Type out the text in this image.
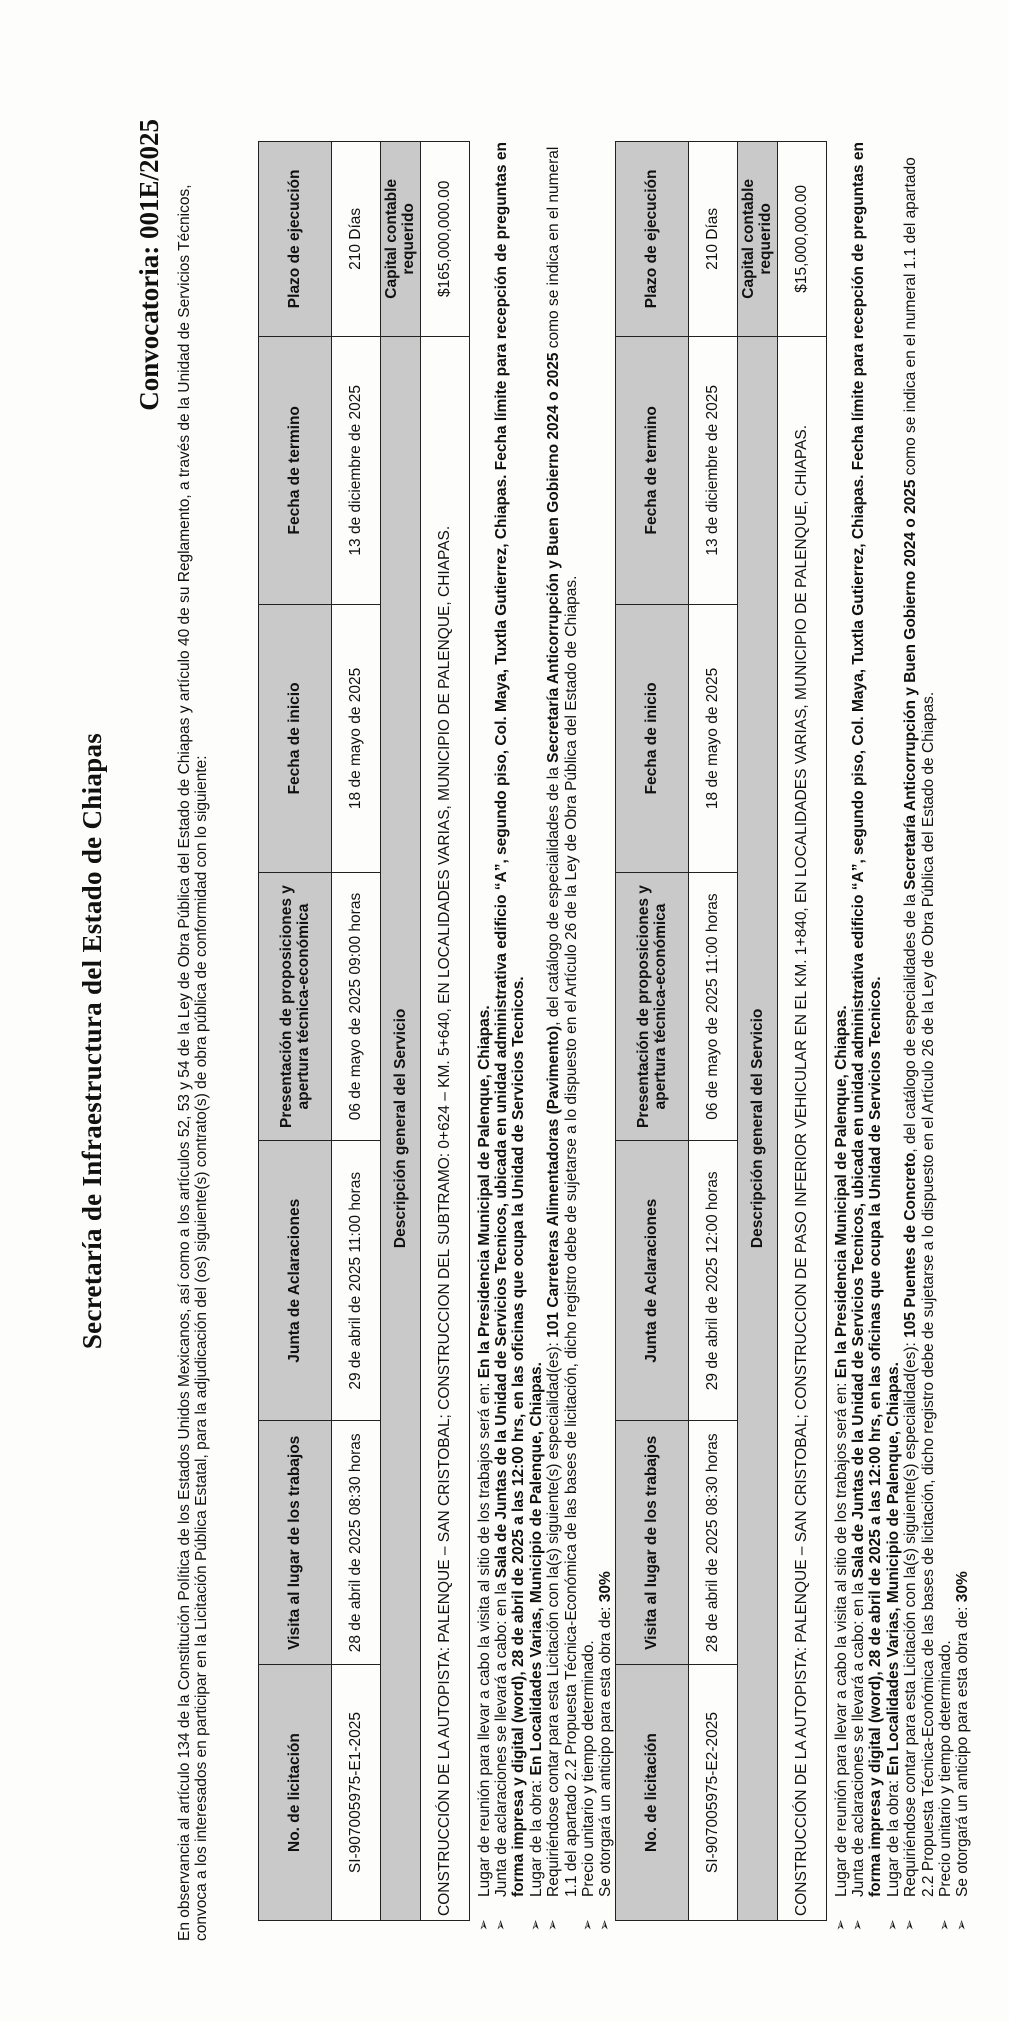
Secretaría de Infraestructura del Estado de Chiapas
Convocatoria: 001E/2025 En observancia al artículo 134 de la Constitución Política de los Estados Unidos Mexicanos, así como a los artículos 52, 53 y 54 de la Ley de Obra Pública del Estado de Chiapas y artículo 40 de su Reglamento, a través de la Unidad de Servicios Técnicos, convoca a los interesados en participar en la Licitación Pública Estatal, para la adjudicación del (os) siguiente(s) contrato(s) de obra pública de conformidad con lo siguiente:	No. de licitación	Visita al lugar de los trabajos	Junta de Aclaraciones	Presentación de proposiciones y apertura técnica-económica	Fecha de inicio	Fecha de termino	Plazo de ejecución
SI-907005975-E1-2025	28 de abril de 2025 08:30 horas	29 de abril de 2025 11:00 horas	06 de mayo de 2025 09:00 horas	18 de mayo de 2025	13 de diciembre de 2025	210 Días
Descripción general del Servicio						Capital contable requerido
CONSTRUCCIÓN DE LA AUTOPISTA: PALENQUE – SAN CRISTOBAL; CONSTRUCCION DEL SUBTRAMO: 0+624 – KM. 5+640, EN LOCALIDADES VARIAS, MUNICIPIO DE PALENQUE, CHIAPAS.						$165,000,000.00
➢
Lugar de reunión para llevar a cabo la visita al sitio de los trabajos será en: En la Presidencia Municipal de Palenque, Chiapas.
➢
Junta de aclaraciones se llevará a cabo: en la Sala de Juntas de la Unidad de Servicios Tecnicos, ubicada en unidad administrativa edificio “A”, segundo piso, Col. Maya, Tuxtla Gutierrez, Chiapas. Fecha límite para recepción de preguntas en forma impresa y digital (word), 28 de abril de 2025 a las 12:00 hrs, en las oficinas que ocupa la Unidad de Servicios Tecnicos.
➢
Lugar de la obra: En Localidades Varias, Municipio de Palenque, Chiapas.
➢
Requiriéndose contar para esta Licitación con la(s) siguiente(s) especialidad(es): 101 Carreteras Alimentadoras (Pavimento), del catálogo de especialidades de la Secretaría Anticorrupción y Buen Gobierno 2024 o 2025 como se indica en el numeral 1.1 del apartado 2.2 Propuesta Técnica-Económica de las bases de licitación, dicho registro debe de sujetarse a lo dispuesto en el Artículo 26 de la Ley de Obra Pública del Estado de Chiapas.
➢
Precio unitario y tiempo determinado.
➢
Se otorgará un anticipo para esta obra de: 30%
No. de licitación	Visita al lugar de los trabajos	Junta de Aclaraciones	Presentación de proposiciones y apertura técnica-económica	Fecha de inicio	Fecha de termino	Plazo de ejecución
SI-907005975-E2-2025	28 de abril de 2025 08:30 horas	29 de abril de 2025 12:00 horas	06 de mayo de 2025 11:00 horas	18 de mayo de 2025	13 de diciembre de 2025	210 Días
Descripción general del Servicio						Capital contable requerido
CONSTRUCCIÓN DE LA AUTOPISTA: PALENQUE – SAN CRISTOBAL; CONSTRUCCION DE PASO INFERIOR VEHICULAR EN EL KM. 1+840, EN LOCALIDADES VARIAS, MUNICIPIO DE PALENQUE, CHIAPAS.						$15,000,000.00
➢
Lugar de reunión para llevar a cabo la visita al sitio de los trabajos será en: En la Presidencia Municipal de Palenque, Chiapas.
➢
Junta de aclaraciones se llevará a cabo: en la Sala de Juntas de la Unidad de Servicios Tecnicos, ubicada en unidad administrativa edificio “A”, segundo piso, Col. Maya, Tuxtla Gutierrez, Chiapas. Fecha límite para recepción de preguntas en forma impresa y digital (word), 28 de abril de 2025 a las 12:00 hrs, en las oficinas que ocupa la Unidad de Servicios Tecnicos.
➢
Lugar de la obra: En Localidades Varias, Municipio de Palenque, Chiapas.
➢
Requiriéndose contar para esta Licitación con la(s) siguiente(s) especialidad(es): 105 Puentes de Concreto, del catálogo de especialidades de la Secretaría Anticorrupción y Buen Gobierno 2024 o 2025 como se indica en el numeral 1.1 del apartado 2.2 Propuesta Técnica-Económica de las bases de licitación, dicho registro debe de sujetarse a lo dispuesto en el Artículo 26 de la Ley de Obra Pública del Estado de Chiapas.
➢
Precio unitario y tiempo determinado.
➢
Se otorgará un anticipo para esta obra de: 30%
